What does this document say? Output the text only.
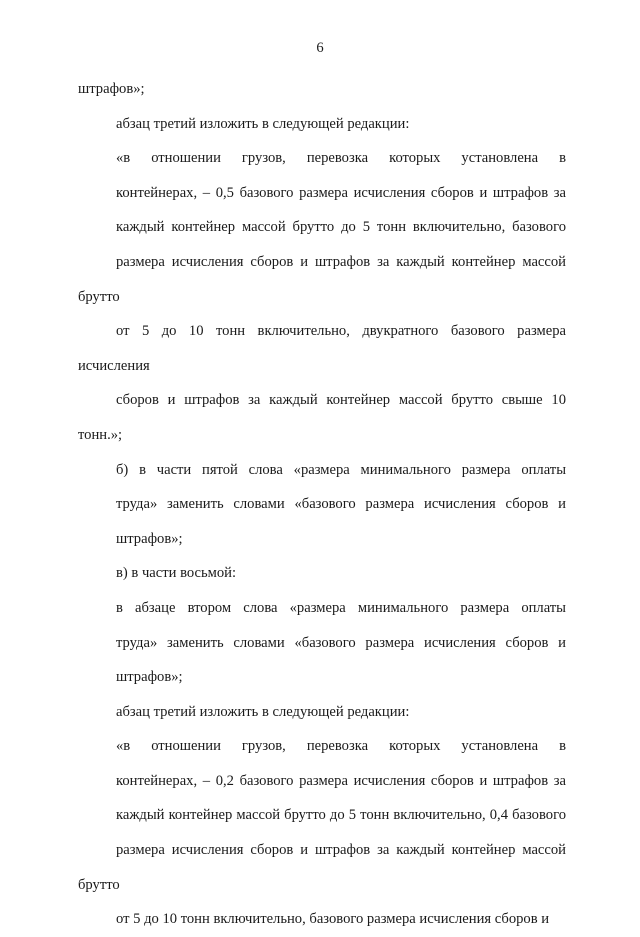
6

штрафов»;

абзац третий изложить в следующей редакции:

«в отношении грузов, перевозка которых установлена в
контейнерах, – 0,5 базового размера исчисления сборов и штрафов за
каждый контейнер массой брутто до 5 тонн включительно, базового
размера исчисления сборов и штрафов за каждый контейнер массой брутто
от 5 до 10 тонн включительно, двукратного базового размера исчисления
сборов и штрафов за каждый контейнер массой брутто свыше 10 тонн.»;

б) в части пятой слова «размера минимального размера оплаты
труда» заменить словами «базового размера исчисления сборов и
штрафов»;

в) в части восьмой:

в абзаце втором слова «размера минимального размера оплаты
труда» заменить словами «базового размера исчисления сборов и
штрафов»;

абзац третий изложить в следующей редакции:

«в отношении грузов, перевозка которых установлена в
контейнерах, – 0,2 базового размера исчисления сборов и штрафов за
каждый контейнер массой брутто до 5 тонн включительно, 0,4 базового
размера исчисления сборов и штрафов за каждый контейнер массой брутто
от 5 до 10 тонн включительно, базового размера исчисления сборов и
